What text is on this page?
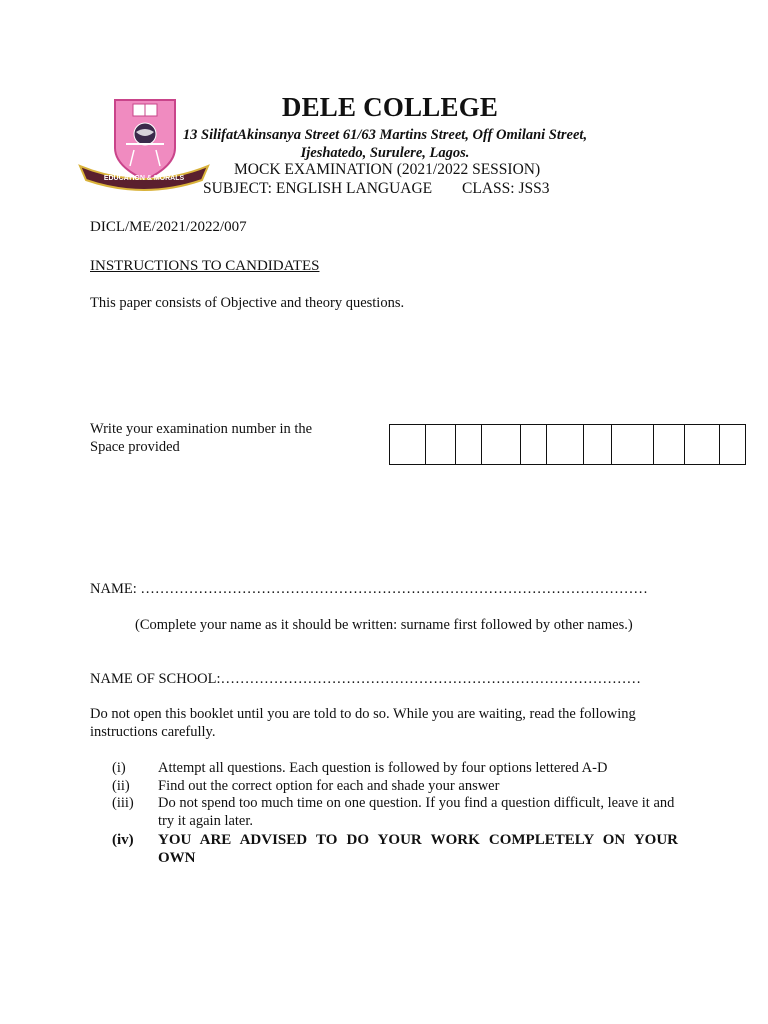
EDUCATION & MORALS
DELE COLLEGE
13 SilifatAkinsanya Street 61/63 Martins Street, Off Omilani Street,
Ijeshatedo, Surulere, Lagos.
MOCK EXAMINATION (2021/2022 SESSION)
SUBJECT: ENGLISH LANGUAGE CLASS: JSS3
DICL/ME/2021/2022/007
INSTRUCTIONS TO CANDIDATES
This paper consists of Objective and theory questions.
Write your examination number in the
Space provided
NAME: ……………………………………………………………………………………………
(Complete your name as it should be written: surname first followed by other names.)
NAME OF SCHOOL:……………………………………………………………………………
Do not open this booklet until you are told to do so. While you are waiting, read the following instructions carefully.
(i)	Attempt all questions. Each question is followed by four options lettered A-D
(ii)	Find out the correct option for each and shade your answer
(iii)	Do not spend too much time on one question. If you find a question difficult, leave it and try it again later.
(iv)	YOU ARE ADVISED TO DO YOUR WORK COMPLETELY ON YOUR OWN
